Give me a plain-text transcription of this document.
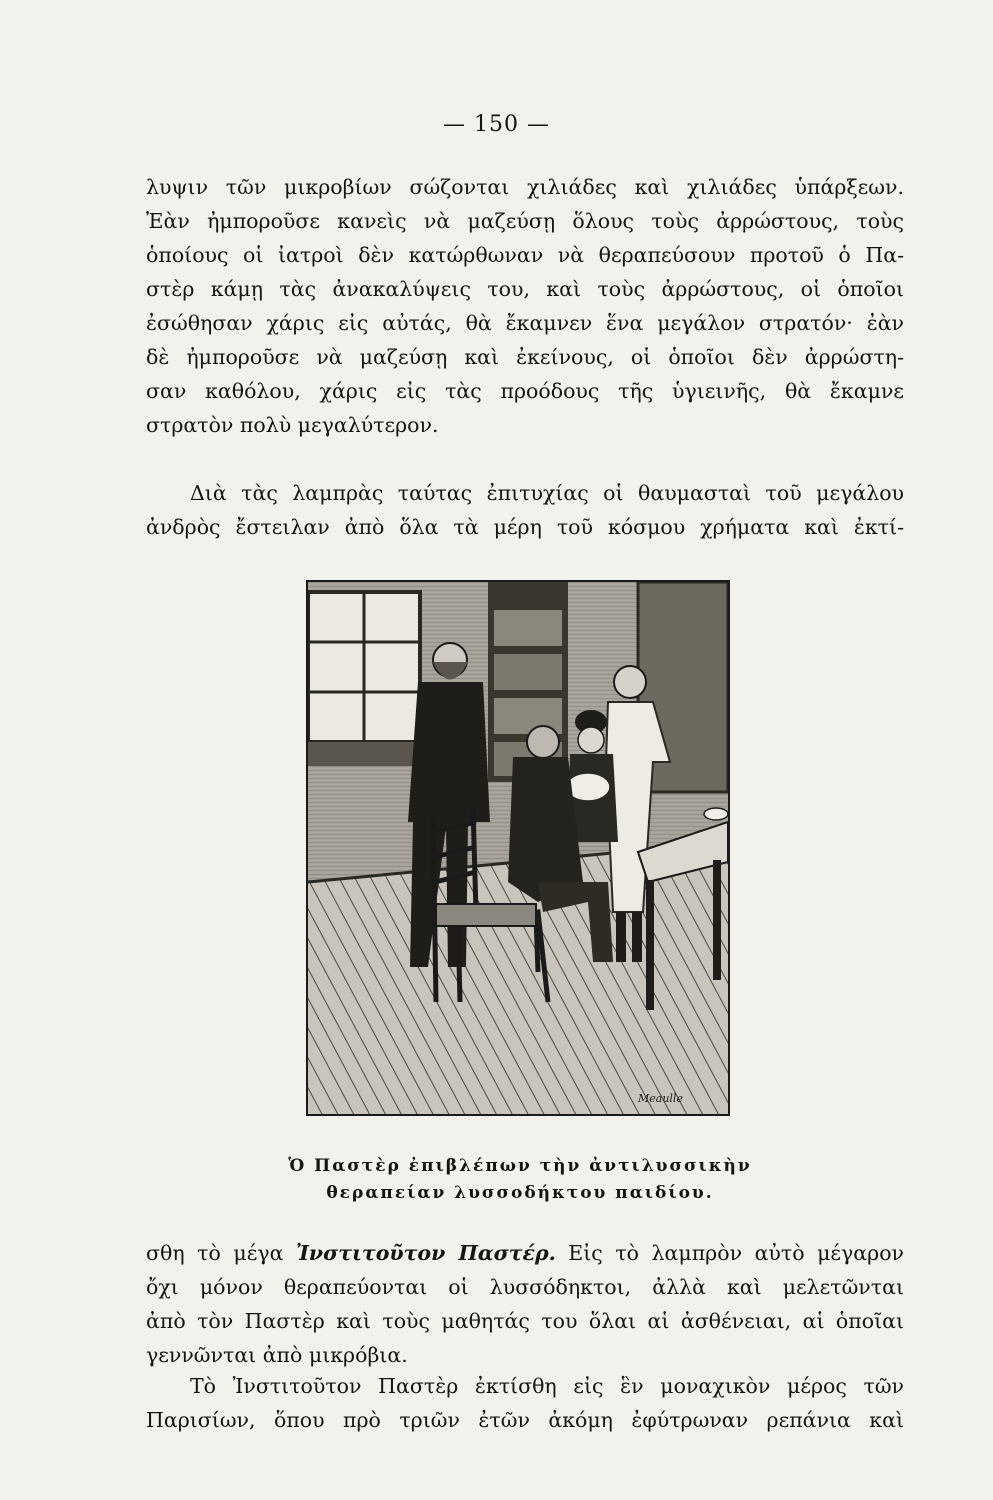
— 150 —
λυψιν τῶν μικροβίων σώζονται χιλιάδες καὶ χιλιάδες ὑπάρξεων.
Ἐὰν ἠμποροῦσε κανεὶς νὰ μαζεύσῃ ὅλους τοὺς ἀρρώστους, τοὺς
ὁποίους οἱ ἰατροὶ δὲν κατώρθωναν νὰ θεραπεύσουν προτοῦ ὁ Πα-
στὲρ κάμῃ τὰς ἀνακαλύψεις του, καὶ τοὺς ἀρρώστους, οἱ ὁποῖοι
ἐσώθησαν χάρις εἰς αὐτάς, θὰ ἔκαμνεν ἕνα μεγάλον στρατόν· ἐὰν
δὲ ἠμποροῦσε νὰ μαζεύσῃ καὶ ἐκείνους, οἱ ὁποῖοι δὲν ἀρρώστη-
σαν καθόλου, χάρις εἰς τὰς προόδους τῆς ὑγιεινῆς, θὰ ἔκαμνε
στρατὸν πολὺ μεγαλύτερον.
Διὰ τὰς λαμπρὰς ταύτας ἐπιτυχίας οἱ θαυμασταὶ τοῦ μεγάλου
ἀνδρὸς ἔστειλαν ἀπὸ ὅλα τὰ μέρη τοῦ κόσμου χρήματα καὶ ἐκτί-
Meaulle
Ὁ Παστὲρ ἐπιβλέπων τὴν ἀντιλυσσικὴν
θεραπείαν λυσσοδήκτου παιδίου.
σθη τὸ μέγα Ἰνστιτοῦτον Παστέρ. Εἰς τὸ λαμπρὸν αὐτὸ μέγαρον
ὄχι μόνον θεραπεύονται οἱ λυσσόδηκτοι, ἀλλὰ καὶ μελετῶνται
ἀπὸ τὸν Παστὲρ καὶ τοὺς μαθητάς του ὅλαι αἱ ἀσθένειαι, αἱ ὁποῖαι
γεννῶνται ἀπὸ μικρόβια.
Τὸ Ἰνστιτοῦτον Παστὲρ ἐκτίσθη εἰς ἓν μοναχικὸν μέρος τῶν
Παρισίων, ὅπου πρὸ τριῶν ἐτῶν ἀκόμη ἐφύτρωναν ρεπάνια καὶ
